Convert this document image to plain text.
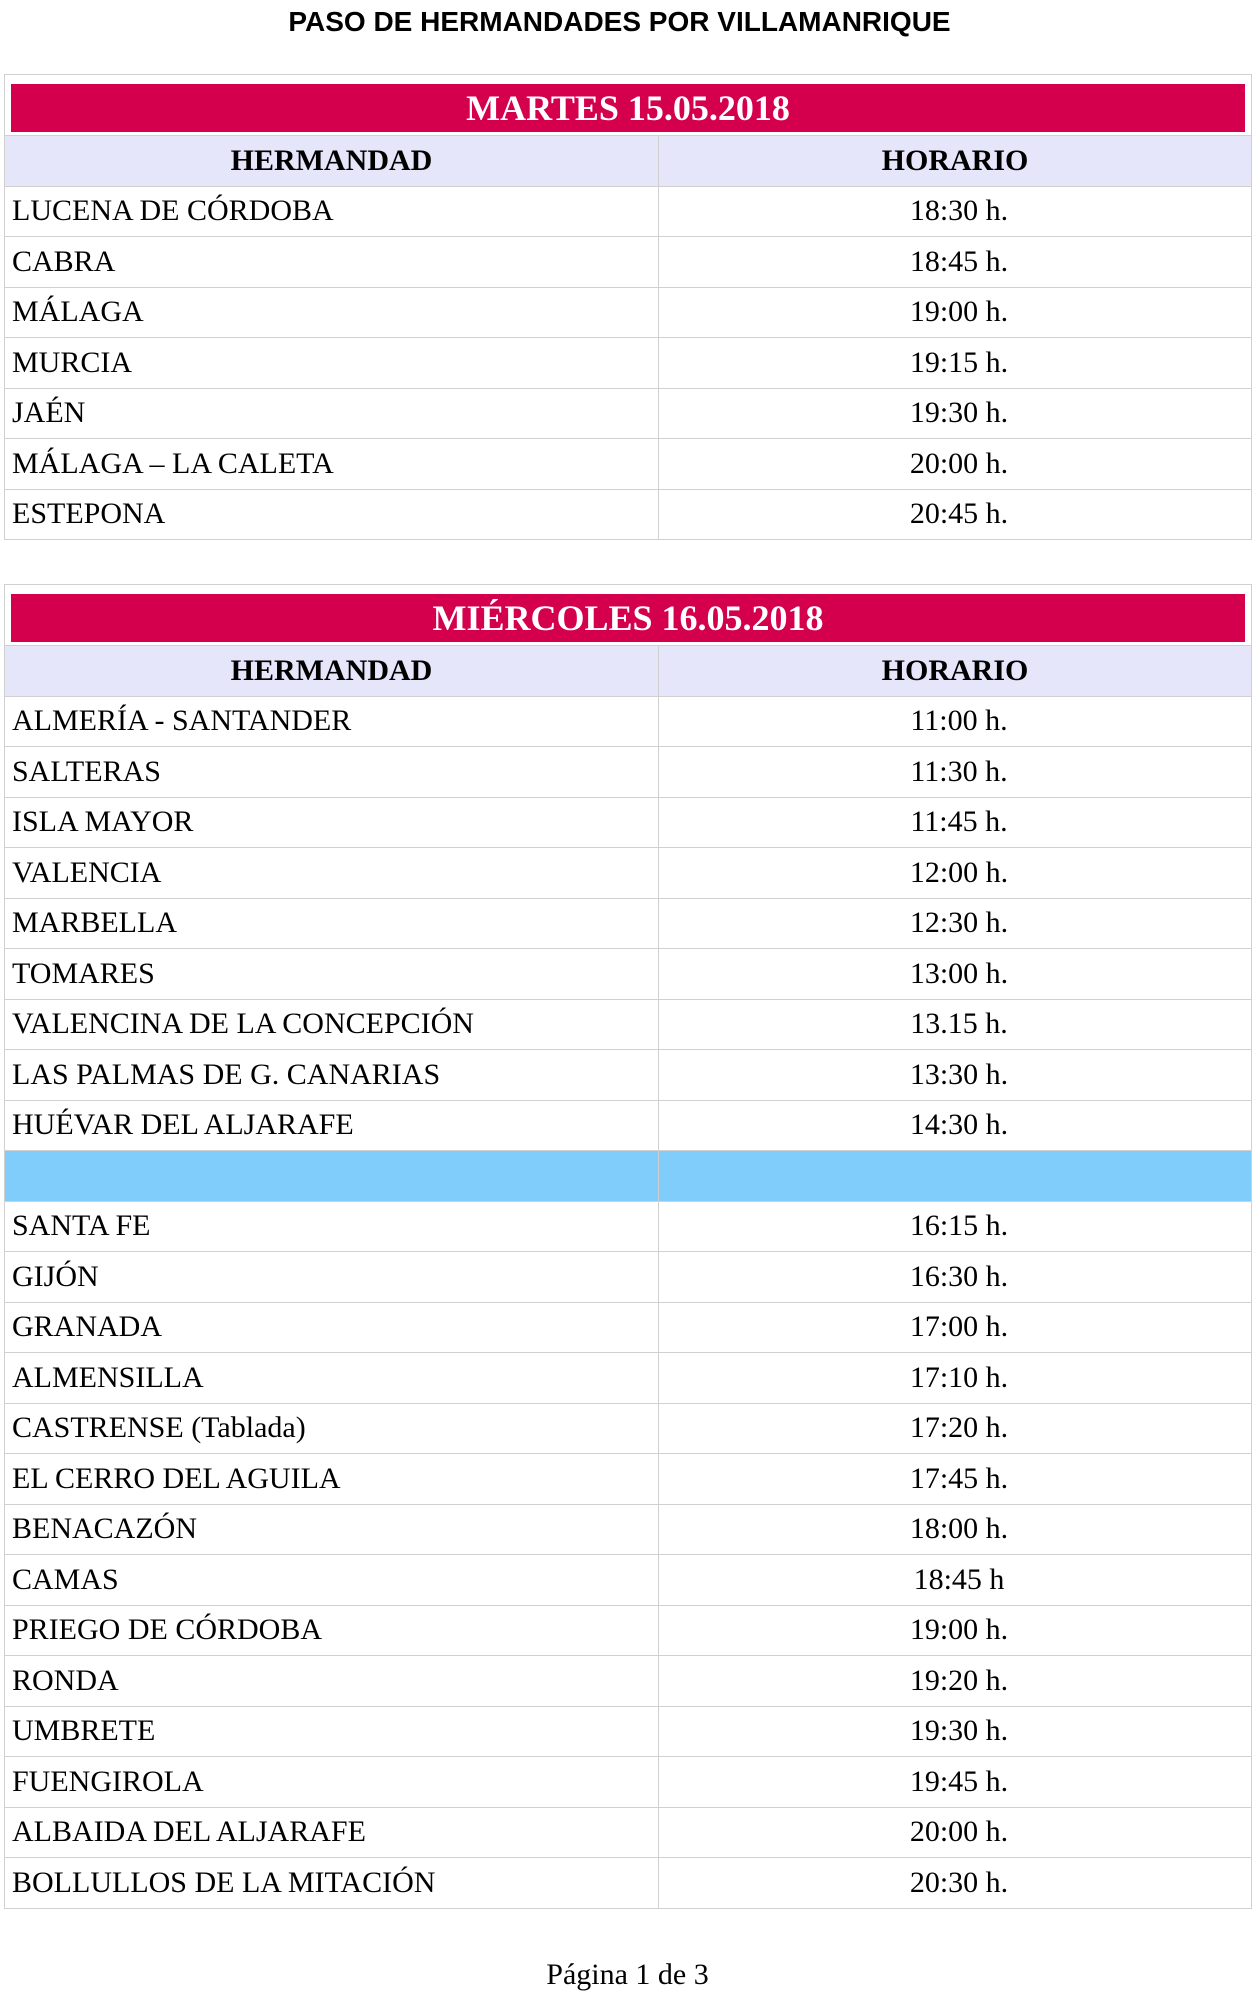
PASO DE HERMANDADES POR VILLAMANRIQUE
MARTES 15.05.2018	

HERMANDAD	HORARIO
LUCENA DE CÓRDOBA	18:30 h.
CABRA	18:45 h.
MÁLAGA	19:00 h.
MURCIA	19:15 h.
JAÉN	19:30 h.
MÁLAGA – LA CALETA	20:00 h.
ESTEPONA	20:45 h.
MIÉRCOLES 16.05.2018	

HERMANDAD	HORARIO
ALMERÍA - SANTANDER	11:00 h.
SALTERAS	11:30 h.
ISLA MAYOR	11:45 h.
VALENCIA	12:00 h.
MARBELLA	12:30 h.
TOMARES	13:00 h.
VALENCINA DE LA CONCEPCIÓN	13.15 h.
LAS PALMAS DE G. CANARIAS	13:30 h.
HUÉVAR DEL ALJARAFE	14:30 h.

SANTA FE	16:15 h.
GIJÓN	16:30 h.
GRANADA	17:00 h.
ALMENSILLA	17:10 h.
CASTRENSE (Tablada)	17:20 h.
EL CERRO DEL AGUILA	17:45 h.
BENACAZÓN	18:00 h.
CAMAS	18:45 h
PRIEGO DE CÓRDOBA	19:00 h.
RONDA	19:20 h.
UMBRETE	19:30 h.
FUENGIROLA	19:45 h.
ALBAIDA DEL ALJARAFE	20:00 h.
BOLLULLOS DE LA MITACIÓN	20:30 h.
Página 1 de 3
